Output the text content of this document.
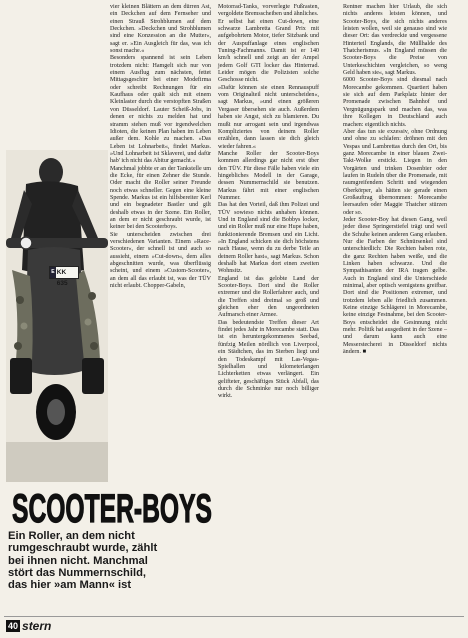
vier kleinen Blättern an dem dürren Ast, ein Deckchen auf dem Fernseher und einen Strauß Strohblumen auf dem Deckchen. »Deckchen und Strohblumen sind eine Konzession an die Mutter«, sagt er. »Ein Ausgleich für das, was ich sonst mache.«
Besonders spannend ist sein Leben trotzdem nicht: Hamgelt sich nur von einem Ausflug zum nächsten, fettet Mittagsgeschirr bei einer Modefirma oder schreibt Rechnungen für ein Kaufhaus oder quält sich mit einem Kleinlaster durch die verstopften Straßen von Düsseldorf. Lauter Scheiß-Jobs, in denen er nichts zu melden hat und stramm stehen muß vor irgendwelchen Idioten, die keinen Plan haben im Leben außer dem. Kohle zu machen. »Das Leben ist Lohnarbeit«, findet Markus. »Und Lohnarbeit ist Sklaverei, und dafür hab' ich nicht das Abitur gemacht.«
Manchmal jobbte er an der Tankstelle um die Ecke, für einen Zehner die Stunde. Oder macht die Roller seiner Freunde noch etwas schneller. Gegen eine kleine Spende. Markus ist ein hilfsbereiter Kerl und ein begnadeter Bastler und gilt deshalb etwas in der Szene. Ein Roller, an dem er nicht geschraubt wurde, ist keiner bei den Scooterboys.
Sie unterscheiden zwischen drei verschiedenen Varianten. Einem »Race-Scooter«, der schnell ist und auch so aussieht, einem »Cut-down«, dem alles abgeschnitten wurde, was überflüssig scheint, und einem »Custom-Scooter«, an dem all das erlaubt ist, was der TÜV nicht erlaubt. Chopper-Gabeln,
Motorrad-Tanks, vorverlegte Fußrasten, vergoldete Bremsscheiben und ähnliches.
Er selbst hat einen Cut-down, eine schwarze Lambretta Grand Prix mit aufgebohrtem Motor, tiefer Sitzbank und der Auspuffanlage eines englischen Tuning-Fachmanns. Damit ist er 140 km/h schnell und zeigt an der Ampel jedem Golf GTI locker das Hinterrad. Leider mögen die Polizisten solche Geschosse nicht.
»Dafür können sie einen Rennauspuff vom Originalteil nicht unterscheiden«, sagt Markus, »und einen größeren Vergaser übersehen sie auch. Außerdem haben sie Angst, sich zu blamieren. Du mußt nur arrogant sein und irgendwas Kompliziertes von deinem Roller erzählen, dann lassen sie dich gleich wieder fahren.«
Manche Roller der Scooter-Boys kommen allerdings gar nicht erst über den TÜV. Für diese Fälle haben viele ein hingebliches Modell in der Garage, dessen Nummernschild sie benutzen. Markus fährt mit einer englischen Nummer.
Das hat den Vorteil, daß ihm Polizei und TÜV sowieso nichts anhaben können. Und in England sind die Bobbys locker, und ein Roller muß nur eine Hupe haben, funktionierende Bremsen und ein Licht. »In England schicken sie dich höchstens nach Hause, wenn du zu derbe Teile an deinem Roller hast«, sagt Markus. Schon deshalb hat Markus dort einen zweiten Wohnsitz.
England ist das gelobte Land der Scooter-Boys. Dort sind die Roller extremer und die Rollerfahrer auch, und die Treffen sind dreimal so groß und gleichen eher den ungeordneten Aufmarsch einer Armee.
Das bedeutendste Treffen dieser Art findet jedes Jahr in Morecambe statt. Das ist ein heruntergekommenes Seebad, fünfzig Meilen nördlich von Liverpool, ein Städtchen, das im Sterben liegt und den Todeskampf mit Las-Vegas-Spielhallen und kilometerlangen Lichterketten etwas verlängert. Ein gelifteter, geschäftiges Stück Abfall, das durch die Schminke nur noch billiger wirkt.
Rentner machen hier Urlaub, die sich nichts anderes leisten können, und Scooter-Boys, die sich nichts anderes leisten wollen, weil sie genauso sind wie dieser Ort: das verdreckte und vergessene Hinterteil Englands, die Müllhalde des Thatcherismus. »In England müssen die Scooter-Boys die Preise von Unterkeschichten vergleichen, so weng Geld haben sie«, sagt Markus.
6000 Scooter-Boys sind diesmal nach Morecambe gekommen. Quartiert haben sie sich auf dem Parkplatz hinter der Promenade zwischen Bahnhof und Vergnügungspark und machen das, was ihre Kollegen in Deutschland auch machen: eigentlich nichts.
Aber das tun sie exzessiv, ohne Ordnung und ohne zu schlafen: dröhnen mit den Vespas und Lambrettas durch den Ort, bis ganz Morecambe in einer blauen Zwei-Takt-Wolke erstickt. Liegen in den Vorgärten und trinken Dosenbier oder laufen in Rudeln über die Promenade, mit raumgreifendem Schritt und wiegenden Oberkörper, als hätten sie gerade einen Großauftrag übernommen: Morecambe leersaufen oder Maggie Thatcher stürzen oder so.
Jeder Scooter-Boy hat diesen Gang, weil jeder diese Springerstiefel trägt und weil die Schuhe keinen anderen Gang erlauben. Nur die Farben der Schnürsenkel sind unterschiedlich: Die Rechten haben rote, die ganz Rechten haben weiße, und die Linken haben schwarze. Und die Sympathisanten der IRA tragen gelbe. Auch in England sind die Unterschiede minimal, aber optisch wenigstens greifbar. Dort sind die Positionen extremer, und trotzdem leben alle friedlich zusammen. Keine einzige Schlägerei in Morecambe, keine einzige Festnahme, bei den Scooter-Boys entscheidet die Gesinnung nicht mehr. Politik hat ausgedient in der Szene – und darum kann auch eine Messerstecherei in Düsseldorf nichts ändern. ■
E KK 635
SCOOTER-BOYS
Ein Roller, an dem nicht
rumgeschraubt wurde, zählt
bei ihnen nicht. Manchmal
stört das Nummernschild,
das hier »am Mann« ist
40 stern
